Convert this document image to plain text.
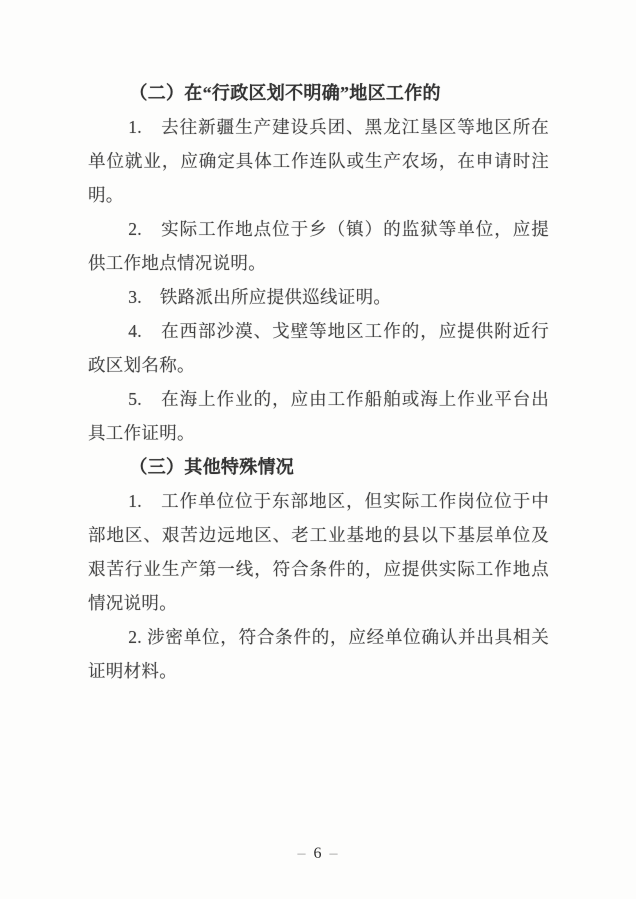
（二）在“行政区划不明确”地区工作的

1.　去往新疆生产建设兵团、黑龙江垦区等地区所在单位就业，应确定具体工作连队或生产农场，在申请时注明。

2.　实际工作地点位于乡（镇）的监狱等单位，应提供工作地点情况说明。

3.　铁路派出所应提供巡线证明。

4.　在西部沙漠、戈壁等地区工作的，应提供附近行政区划名称。

5.　在海上作业的，应由工作船舶或海上作业平台出具工作证明。

（三）其他特殊情况

1.　工作单位位于东部地区，但实际工作岗位位于中部地区、艰苦边远地区、老工业基地的县以下基层单位及艰苦行业生产第一线，符合条件的，应提供实际工作地点情况说明。

2. 涉密单位，符合条件的，应经单位确认并出具相关证明材料。

– 6 –
